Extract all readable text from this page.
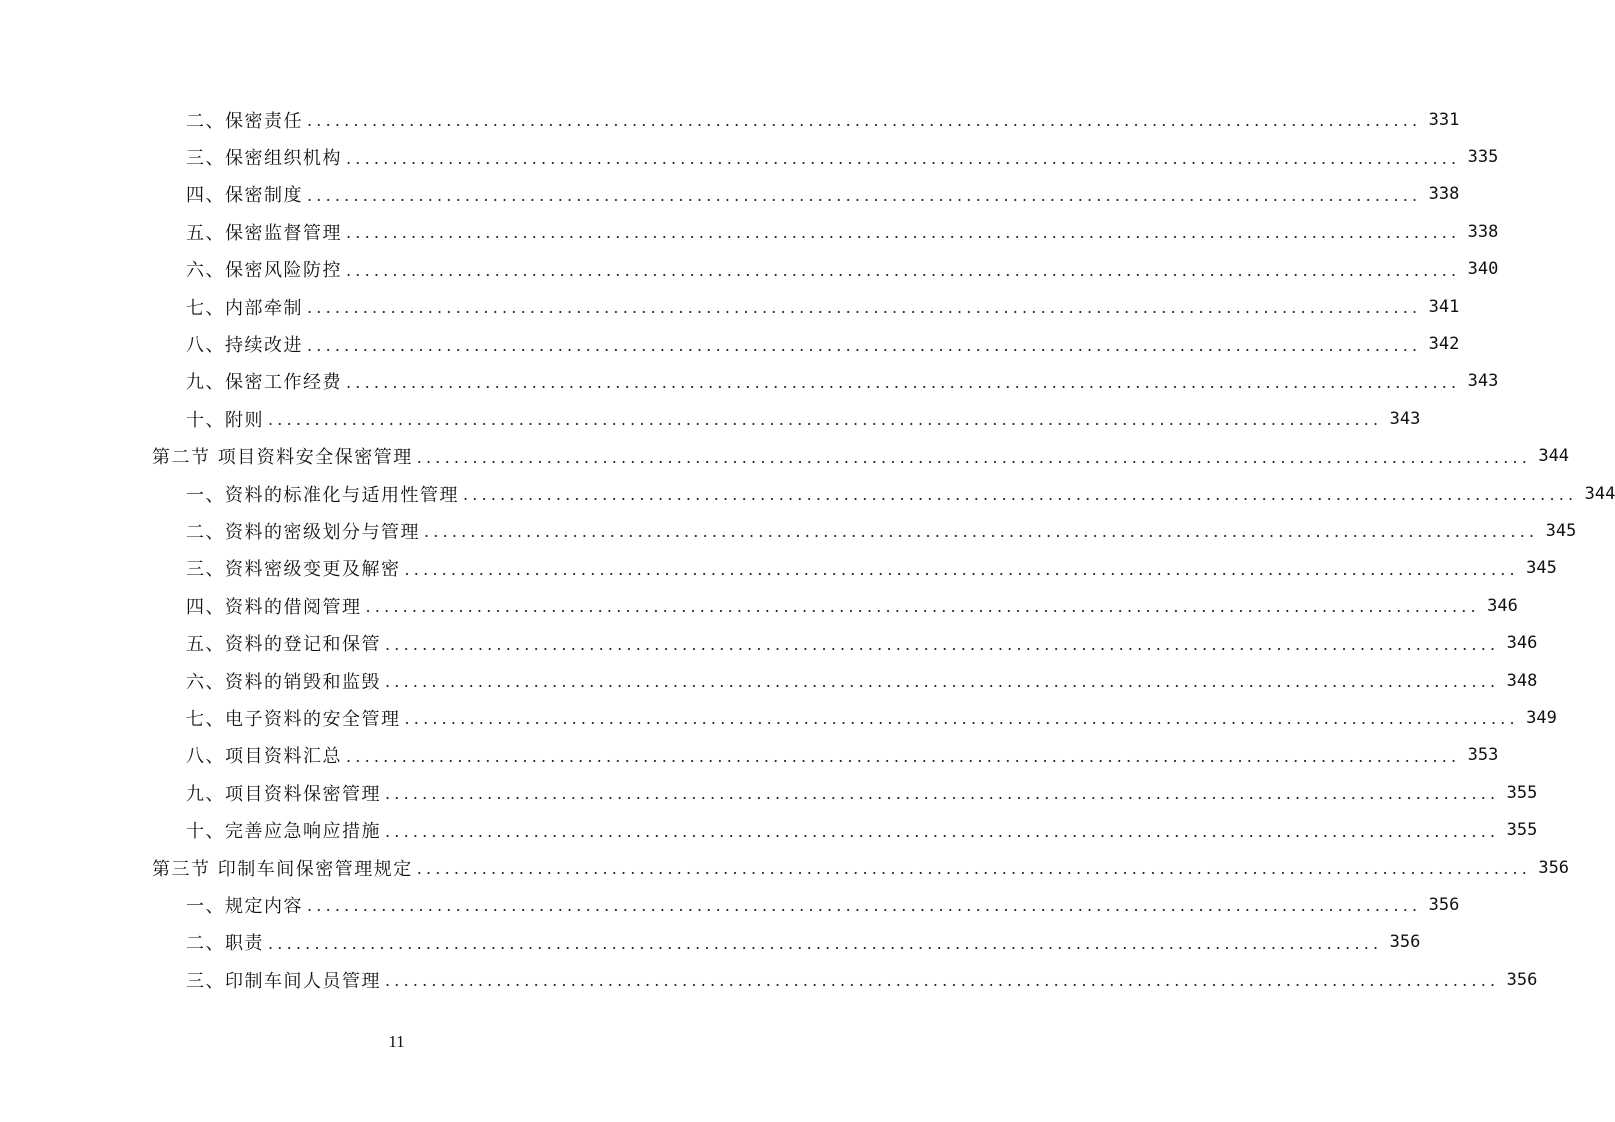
二、保密责任 ........................................................................................................................ 331
三、保密组织机构 ........................................................................................................................ 335
四、保密制度 ........................................................................................................................ 338
五、保密监督管理 ........................................................................................................................ 338
六、保密风险防控 ........................................................................................................................ 340
七、内部牵制 ........................................................................................................................ 341
八、持续改进 ........................................................................................................................ 342
九、保密工作经费 ........................................................................................................................ 343
十、附则 ........................................................................................................................ 343
第二节 项目资料安全保密管理 ........................................................................................................................ 344
一、资料的标准化与适用性管理 ........................................................................................................................ 344
二、资料的密级划分与管理 ........................................................................................................................ 345
三、资料密级变更及解密 ........................................................................................................................ 345
四、资料的借阅管理 ........................................................................................................................ 346
五、资料的登记和保管 ........................................................................................................................ 346
六、资料的销毁和监毁 ........................................................................................................................ 348
七、电子资料的安全管理 ........................................................................................................................ 349
八、项目资料汇总 ........................................................................................................................ 353
九、项目资料保密管理 ........................................................................................................................ 355
十、完善应急响应措施 ........................................................................................................................ 355
第三节 印制车间保密管理规定 ........................................................................................................................ 356
一、规定内容 ........................................................................................................................ 356
二、职责 ........................................................................................................................ 356
三、印制车间人员管理 ........................................................................................................................ 356
11
